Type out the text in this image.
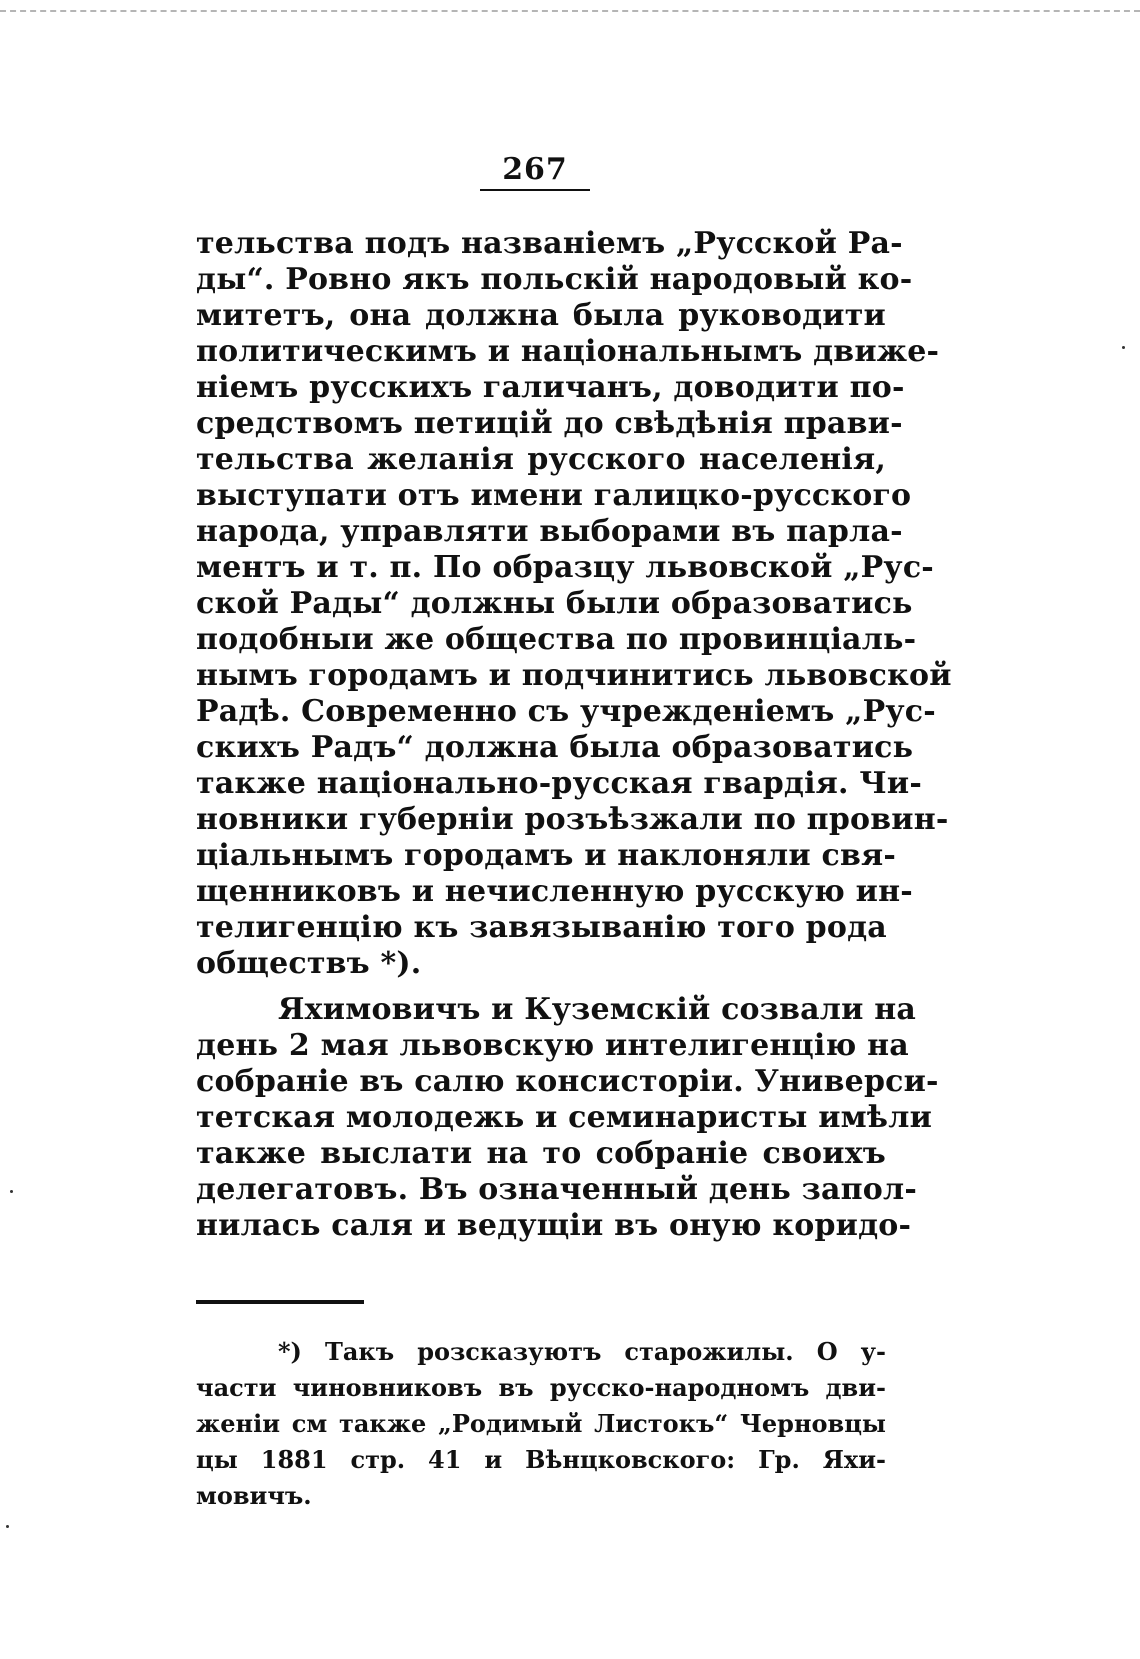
267
тельства подъ названіемъ „Русской Ра-
ды“. Ровно якъ польскій народовый ко-
митетъ, она должна была руководити
политическимъ и національнымъ движе-
ніемъ русскихъ галичанъ, доводити по-
средствомъ петицій до свѣдѣнія прави-
тельства желанія русского населенія,
выступати отъ имени галицко-русского
народа, управляти выборами въ парла-
ментъ и т. п. По образцу львовской „Рус-
ской Рады“ должны были образоватись
подобныи же общества по провинціаль-
нымъ городамъ и подчинитись львовской
Радѣ. Современно съ учрежденіемъ „Рус-
скихъ Радъ“ должна была образоватись
также національно-русская гвардія. Чи-
новники губерніи розъѣзжали по провин-
ціальнымъ городамъ и наклоняли свя-
щенниковъ и нечисленную русскую ин-
телигенцію къ завязыванію того рода
обществъ *).
Яхимовичъ и Куземскій созвали на
день 2 мая львовскую интелигенцію на
собраніе въ салю консисторіи. Универси-
тетская молодежь и семинаристы имѣли
также выслати на то собраніе своихъ
делегатовъ. Въ означенный день запол-
нилась саля и ведущіи въ оную коридо-
*) Такъ розсказуютъ старожилы. О у-
части чиновниковъ въ русско-народномъ дви-
женіи см также „Родимый Листокъ“ Черновцы
цы 1881 стр. 41 и Вѣнцковского: Гр. Яхи-
мовичъ.
